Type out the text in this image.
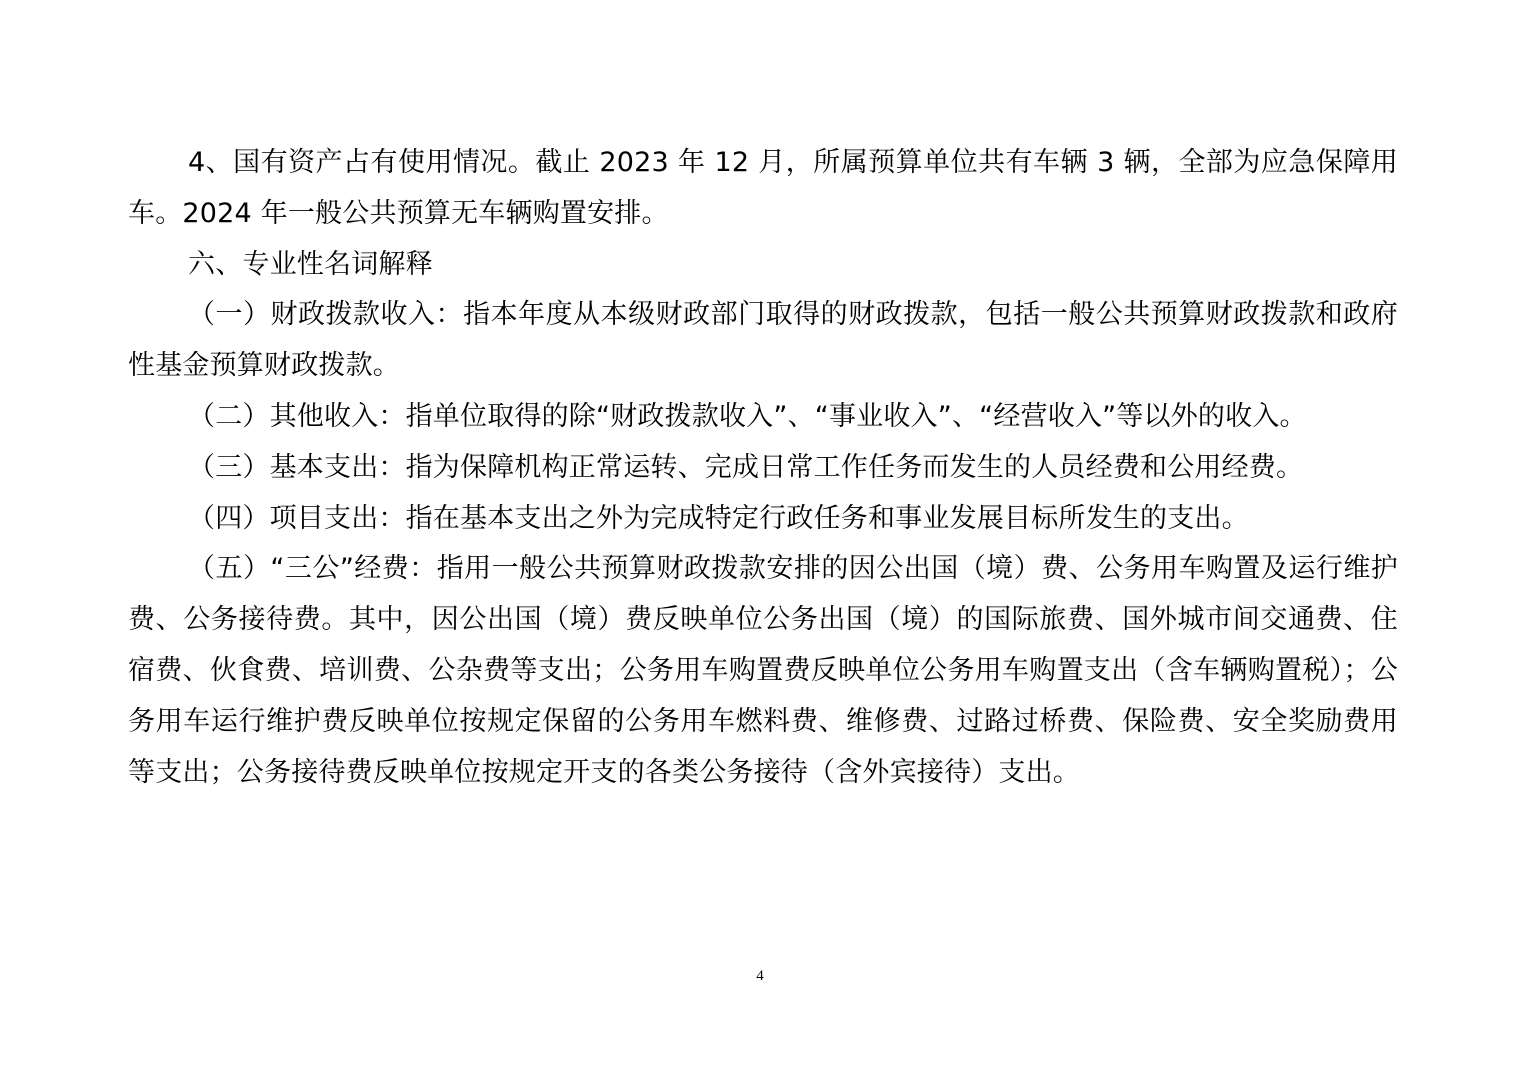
4、国有资产占有使用情况。截止 2023 年 12 月，所属预算单位共有车辆 3 辆，全部为应急保障用车。2024 年一般公共预算无车辆购置安排。

六、专业性名词解释

（一）财政拨款收入：指本年度从本级财政部门取得的财政拨款，包括一般公共预算财政拨款和政府性基金预算财政拨款。

（二）其他收入：指单位取得的除“财政拨款收入”、“事业收入”、“经营收入”等以外的收入。

（三）基本支出：指为保障机构正常运转、完成日常工作任务而发生的人员经费和公用经费。

（四）项目支出：指在基本支出之外为完成特定行政任务和事业发展目标所发生的支出。

（五）“三公”经费：指用一般公共预算财政拨款安排的因公出国（境）费、公务用车购置及运行维护费、公务接待费。其中，因公出国（境）费反映单位公务出国（境）的国际旅费、国外城市间交通费、住宿费、伙食费、培训费、公杂费等支出；公务用车购置费反映单位公务用车购置支出（含车辆购置税）；公务用车运行维护费反映单位按规定保留的公务用车燃料费、维修费、过路过桥费、保险费、安全奖励费用等支出；公务接待费反映单位按规定开支的各类公务接待（含外宾接待）支出。

4
